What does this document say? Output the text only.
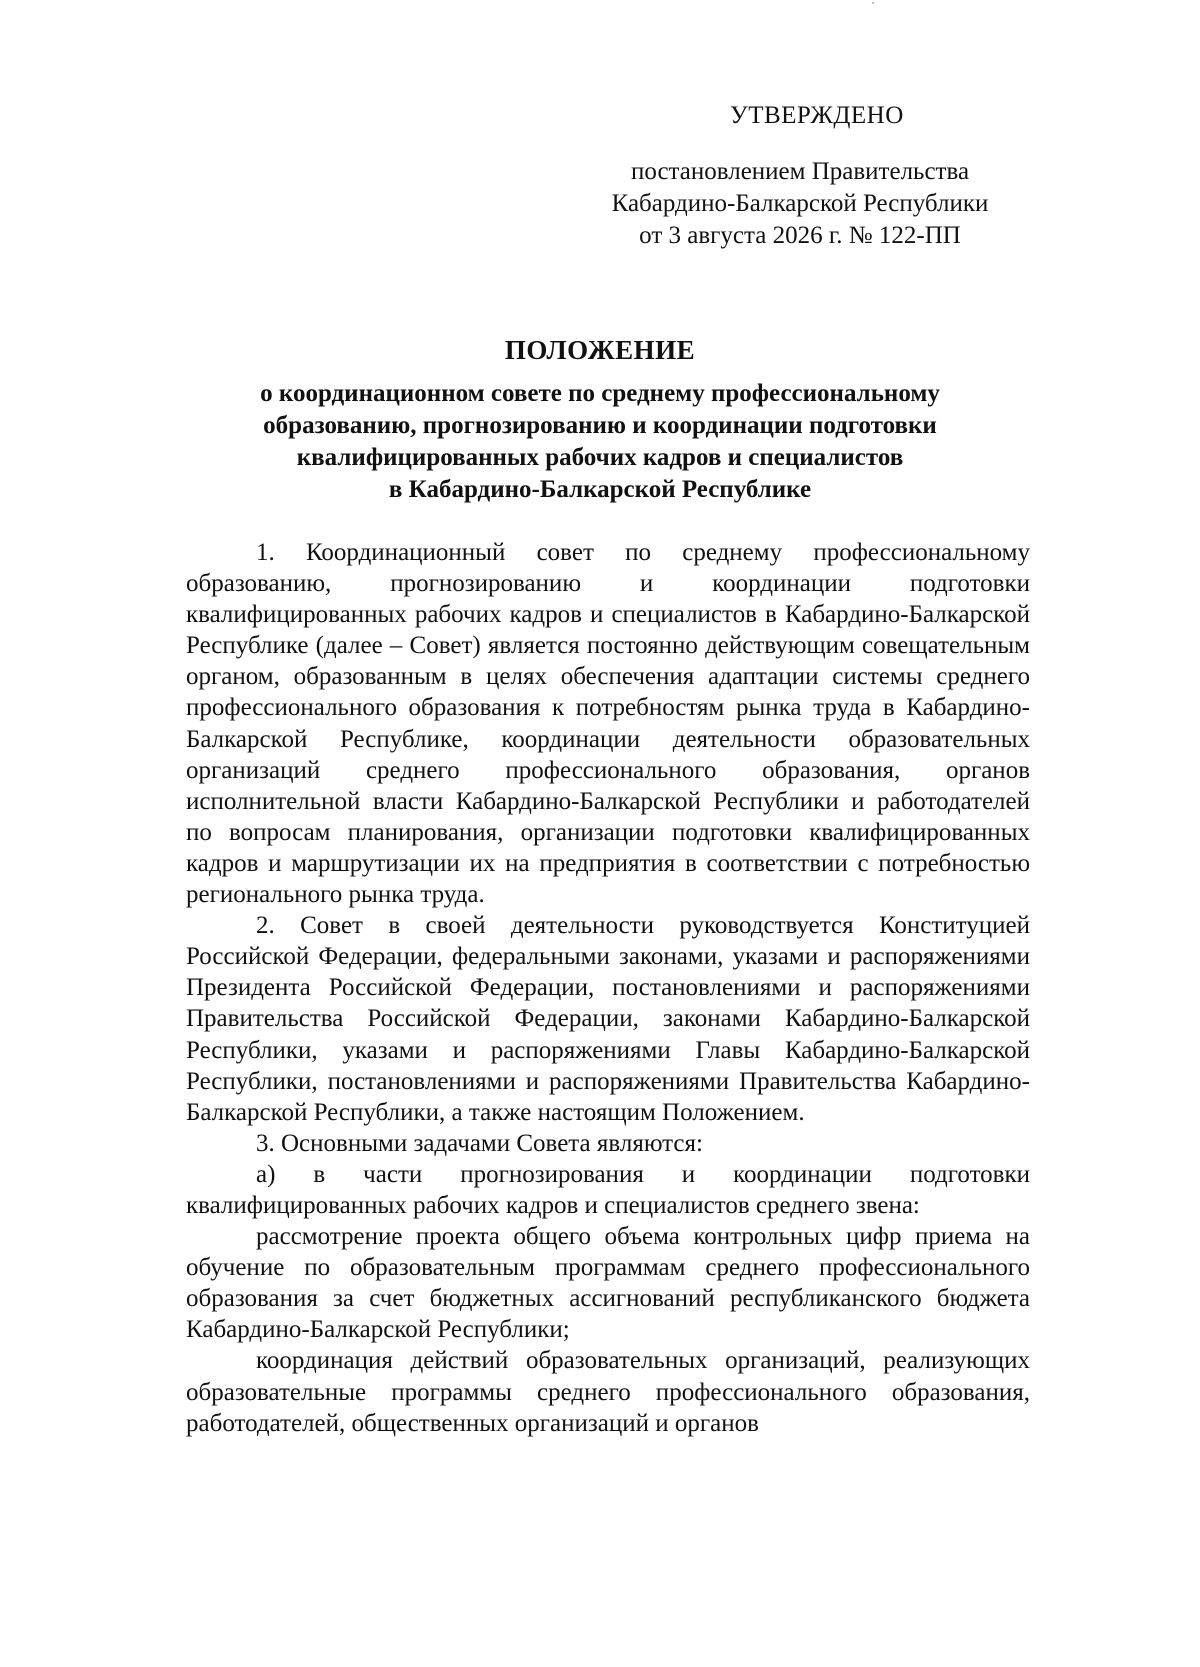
УТВЕРЖДЕНО
постановлением Правительства
Кабардино-Балкарской Республики
от 3 августа 2026 г. № 122-ПП
ПОЛОЖЕНИЕ
о координационном совете по среднему профессиональному
образованию, прогнозированию и координации подготовки
квалифицированных рабочих кадров и специалистов
в Кабардино-Балкарской Республике

1. Координационный совет по среднему профессиональному образованию, прогнозированию и координации подготовки квалифицированных рабочих кадров и специалистов в Кабардино-Балкарской Республике (далее – Совет) является постоянно действующим совещательным органом, образованным в целях обеспечения адаптации системы среднего профессионального образования к потребностям рынка труда в Кабардино-Балкарской Республике, координации деятельности образовательных организаций среднего профессионального образования, органов исполнительной власти Кабардино-Балкарской Республики и работодателей по вопросам планирования, организации подготовки квалифицированных кадров и маршрутизации их на предприятия в соответствии с потребностью регионального рынка труда.

2. Совет в своей деятельности руководствуется Конституцией Российской Федерации, федеральными законами, указами и распоряжениями Президента Российской Федерации, постановлениями и распоряжениями Правительства Российской Федерации, законами Кабардино-Балкарской Республики, указами и распоряжениями Главы Кабардино-Балкарской Республики, постановлениями и распоряжениями Правительства Кабардино-Балкарской Республики, а также настоящим Положением.

3. Основными задачами Совета являются:

а) в части прогнозирования и координации подготовки квалифицированных рабочих кадров и специалистов среднего звена:

рассмотрение проекта общего объема контрольных цифр приема на обучение по образовательным программам среднего профессионального образования за счет бюджетных ассигнований республиканского бюджета Кабардино-Балкарской Республики;

координация действий образовательных организаций, реализующих образовательные программы среднего профессионального образования, работодателей, общественных организаций и органов
